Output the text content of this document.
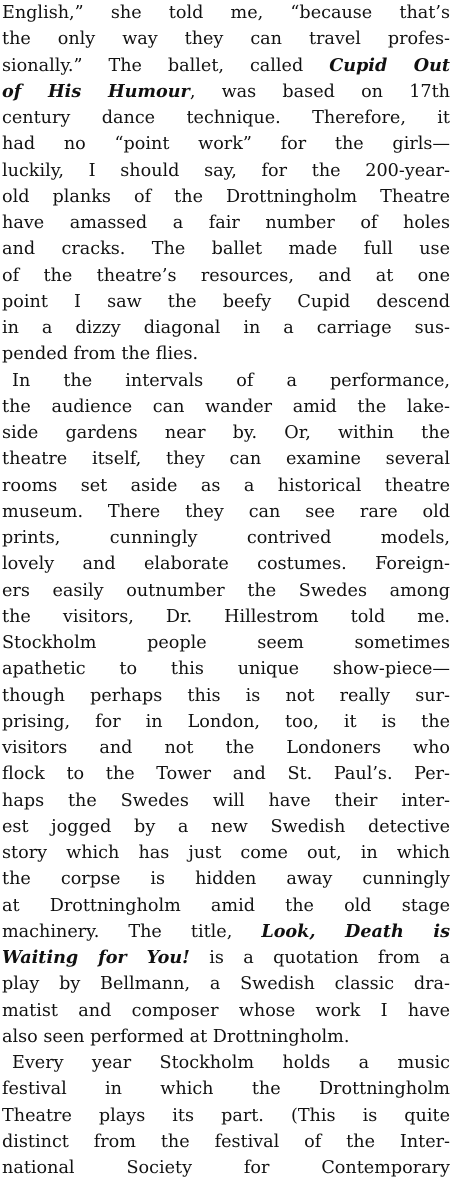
English,” she told me, “because that’s
the only way they can travel profes-
sionally.” The ballet, called Cupid Out
of His Humour, was based on 17th
century dance technique. Therefore, it
had no “point work” for the girls—
luckily, I should say, for the 200-year-
old planks of the Drottningholm Theatre
have amassed a fair number of holes
and cracks. The ballet made full use
of the theatre’s resources, and at one
point I saw the beefy Cupid descend
in a dizzy diagonal in a carriage sus-
pended from the flies.
In the intervals of a performance,
the audience can wander amid the lake-
side gardens near by. Or, within the
theatre itself, they can examine several
rooms set aside as a historical theatre
museum. There they can see rare old
prints, cunningly contrived models,
lovely and elaborate costumes. Foreign-
ers easily outnumber the Swedes among
the visitors, Dr. Hillestrom told me.
Stockholm people seem sometimes
apathetic to this unique show-piece—
though perhaps this is not really sur-
prising, for in London, too, it is the
visitors and not the Londoners who
flock to the Tower and St. Paul’s. Per-
haps the Swedes will have their inter-
est jogged by a new Swedish detective
story which has just come out, in which
the corpse is hidden away cunningly
at Drottningholm amid the old stage
machinery. The title, Look, Death is
Waiting for You! is a quotation from a
play by Bellmann, a Swedish classic dra-
matist and composer whose work I have
also seen performed at Drottningholm.
Every year Stockholm holds a music
festival in which the Drottningholm
Theatre plays its part. (This is quite
distinct from the festival of the Inter-
national Society for Contemporary
